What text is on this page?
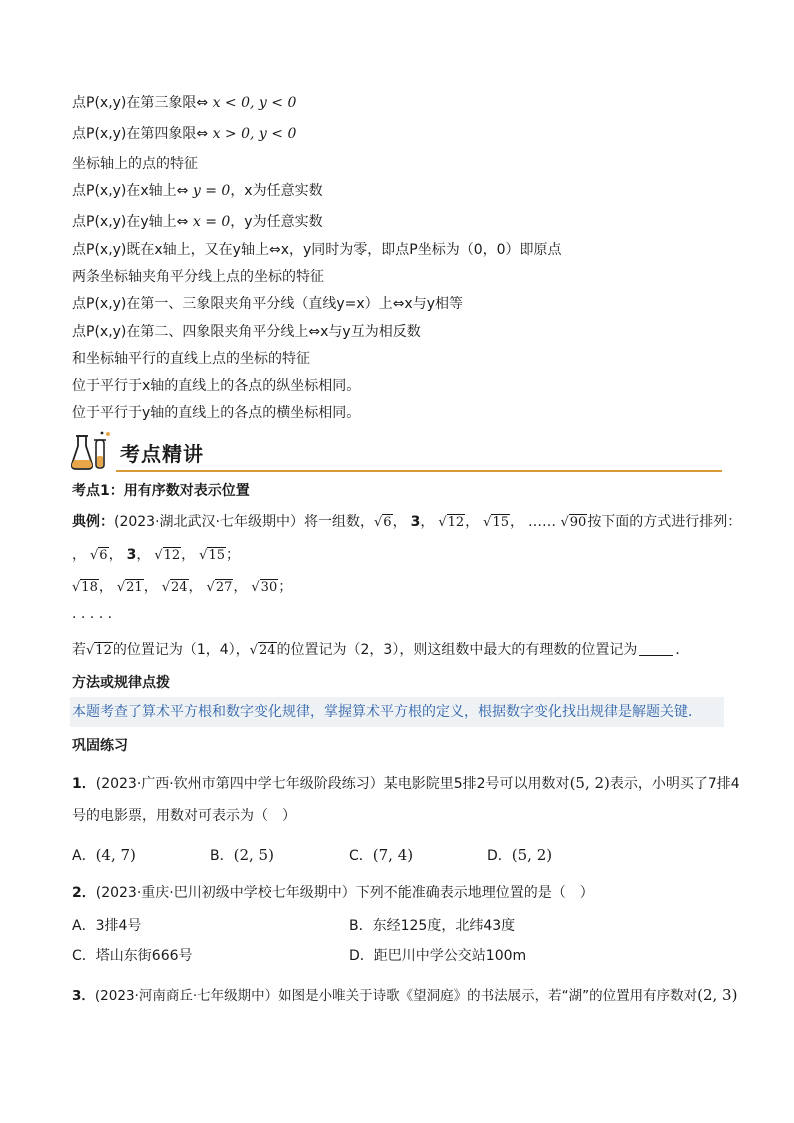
点P(x,y)在第三象限⇔ x < 0, y < 0
点P(x,y)在第四象限⇔ x > 0, y < 0
坐标轴上的点的特征
点P(x,y)在x轴上⇔ y = 0，x为任意实数
点P(x,y)在y轴上⇔ x = 0，y为任意实数
点P(x,y)既在x轴上，又在y轴上⇔x，y同时为零，即点P坐标为（0，0）即原点
两条坐标轴夹角平分线上点的坐标的特征
点P(x,y)在第一、三象限夹角平分线（直线y=x）上⇔x与y相等
点P(x,y)在第二、四象限夹角平分线上⇔x与y互为相反数
和坐标轴平行的直线上点的坐标的特征
位于平行于x轴的直线上的各点的纵坐标相同。
位于平行于y轴的直线上的各点的横坐标相同。
考点精讲
考点1：用有序数对表示位置
典例：(2023·湖北武汉·七年级期中）将一组数，√6， 3， √12， √15， …… √90按下面的方式进行排列：
， √6， 3， √12， √15；
√18， √21， √24， √27， √30；
· · · · ·
若√12的位置记为（1，4），√24的位置记为（2，3），则这组数中最大的有理数的位置记为	．
方法或规律点拨
本题考查了算术平方根和数字变化规律，掌握算术平方根的定义，根据数字变化找出规律是解题关键．
巩固练习
1．(2023·广西·钦州市第四中学七年级阶段练习）某电影院里5排2号可以用数对(5, 2)表示，小明买了7排4
号的电影票，用数对可表示为（　）
A．(4, 7)	B．(2, 5)	C．(7, 4)	D．(5, 2)
2．(2023·重庆·巴川初级中学校七年级期中）下列不能准确表示地理位置的是（　）
A．3排4号	B．东经125度，北纬43度
C．塔山东街666号	D．距巴川中学公交站100m
3．(2023·河南商丘·七年级期中）如图是小唯关于诗歌《望洞庭》的书法展示，若“湖”的位置用有序数对(2, 3)
